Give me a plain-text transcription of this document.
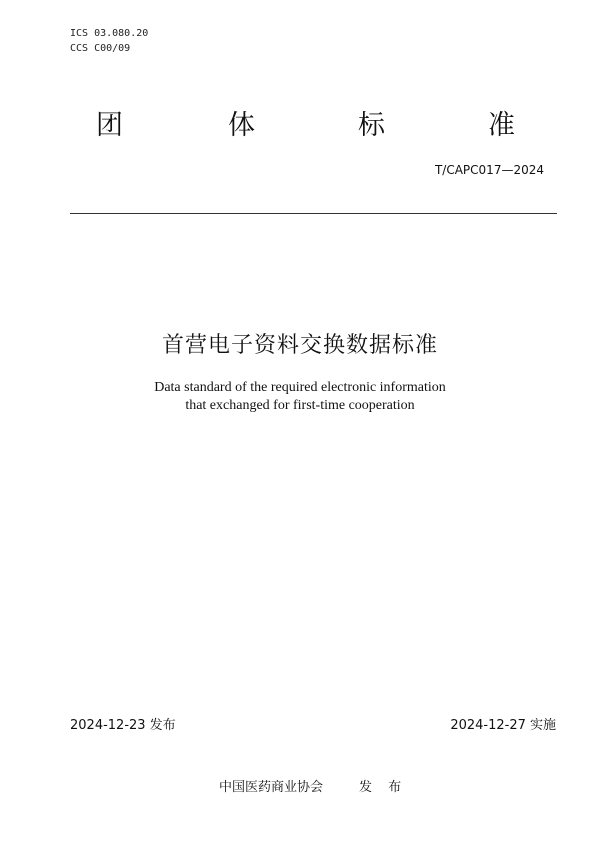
ICS 03.080.20
CCS C00/09
团	体	标	准
T/CAPC017—2024
首营电子资料交换数据标准
Data standard of the required electronic information
that exchanged for first-time cooperation
2024-12-23 发布	2024-12-27 实施
中国医药商业协会	发 布
